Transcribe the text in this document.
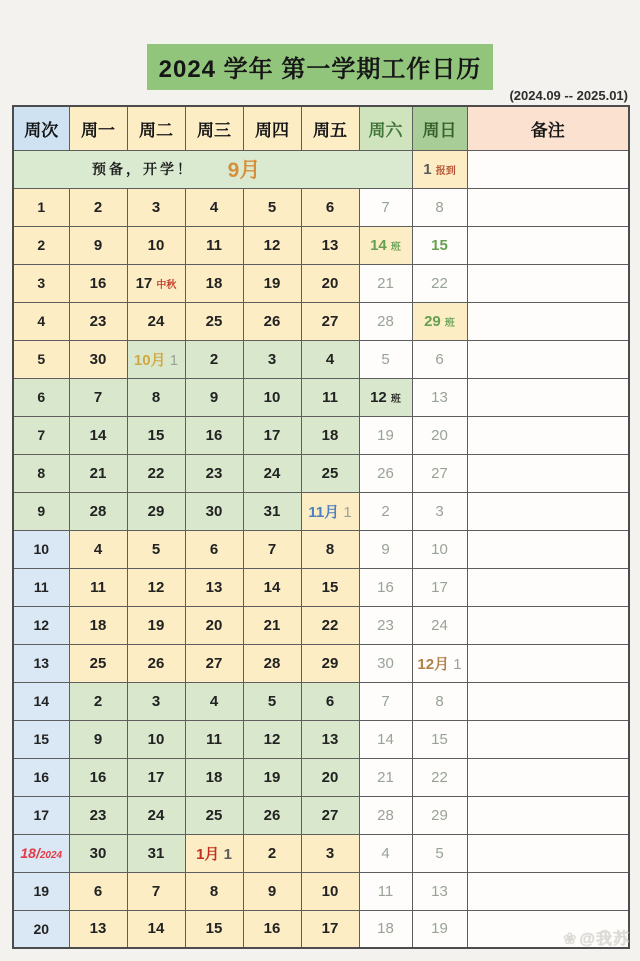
2024 学年 第一学期工作日历
(2024.09 -- 2025.01)
周次	周一	周二	周三	周四	周五	周六	周日	备注

预备，开学！ 9月							1 报到	
1	2	3	4	5	6	7	8	
2	9	10	11	12	13	14 班	15	
3	16	17 中秋	18	19	20	21	22	
4	23	24	25	26	27	28	29 班	
5	30	10月 1	2	3	4	5	6	
6	7	8	9	10	11	12 班	13	
7	14	15	16	17	18	19	20	
8	21	22	23	24	25	26	27	
9	28	29	30	31	11月 1	2	3	
10	4	5	6	7	8	9	10	
11	11	12	13	14	15	16	17	
12	18	19	20	21	22	23	24	
13	25	26	27	28	29	30	12月 1	
14	2	3	4	5	6	7	8	
15	9	10	11	12	13	14	15	
16	16	17	18	19	20	21	22	
17	23	24	25	26	27	28	29	
18/2024	30	31	1月 1	2	3	4	5	
19	6	7	8	9	10	11	13	
20	13	14	15	16	17	18	19	
❀ @我苏
